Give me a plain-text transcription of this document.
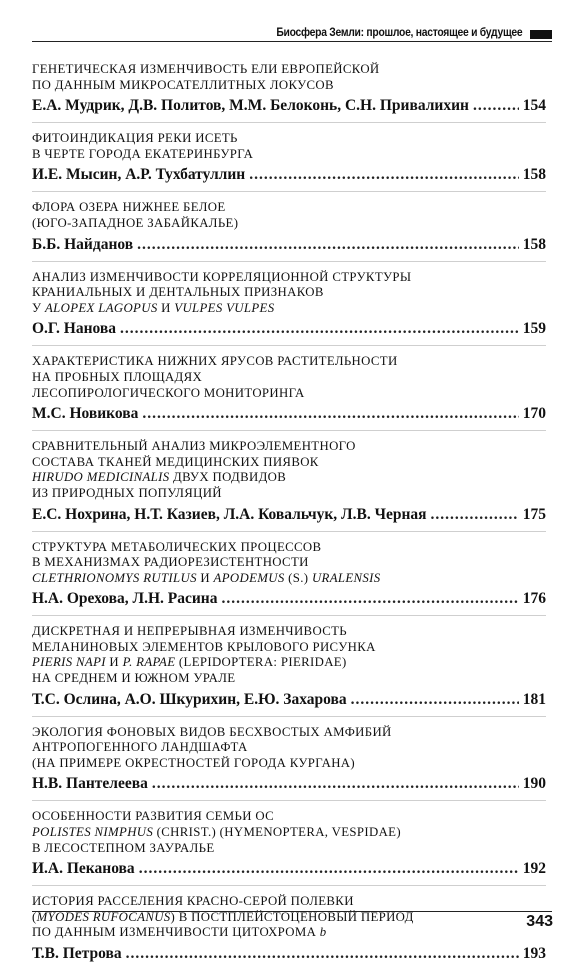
Биосфера Земли: прошлое, настоящее и будущее
ГЕНЕТИЧЕСКАЯ ИЗМЕНЧИВОСТЬ ЕЛИ ЕВРОПЕЙСКОЙ
ПО ДАННЫМ МИКРОСАТЕЛЛИТНЫХ ЛОКУСОВ
Е.А. Мудрик, Д.В. Политов, М.М. Белоконь, С.Н. Привалихин .....	154
ФИТОИНДИКАЦИЯ РЕКИ ИСЕТЬ
В ЧЕРТЕ ГОРОДА ЕКАТЕРИНБУРГА
И.Е. Мысин, А.Р. Тухбатуллин .....	158
ФЛОРА ОЗЕРА НИЖНЕЕ БЕЛОЕ
(ЮГО-ЗАПАДНОЕ ЗАБАЙКАЛЬЕ)
Б.Б. Найданов .....	158
АНАЛИЗ ИЗМЕНЧИВОСТИ КОРРЕЛЯЦИОННОЙ СТРУКТУРЫ
КРАНИАЛЬНЫХ И ДЕНТАЛЬНЫХ ПРИЗНАКОВ
У ALOPEX LAGOPUS И VULPES VULPES
О.Г. Нанова .....	159
ХАРАКТЕРИСТИКА НИЖНИХ ЯРУСОВ РАСТИТЕЛЬНОСТИ
НА ПРОБНЫХ ПЛОЩАДЯХ
ЛЕСОПИРОЛОГИЧЕСКОГО МОНИТОРИНГА
М.С. Новикова .....	170
СРАВНИТЕЛЬНЫЙ АНАЛИЗ МИКРОЭЛЕМЕНТНОГО
СОСТАВА ТКАНЕЙ МЕДИЦИНСКИХ ПИЯВОК
HIRUDO MEDICINALIS ДВУХ ПОДВИДОВ
ИЗ ПРИРОДНЫХ ПОПУЛЯЦИЙ
Е.С. Нохрина, Н.Т. Казиев, Л.А. Ковальчук, Л.В. Черная .....	175
СТРУКТУРА МЕТАБОЛИЧЕСКИХ ПРОЦЕССОВ
В МЕХАНИЗМАХ РАДИОРЕЗИСТЕНТНОСТИ
CLETHRIONOMYS RUTILUS И APODEMUS (S.) URALENSIS
Н.А. Орехова, Л.Н. Расина .....	176
ДИСКРЕТНАЯ И НЕПРЕРЫВНАЯ ИЗМЕНЧИВОСТЬ
МЕЛАНИНОВЫХ ЭЛЕМЕНТОВ КРЫЛОВОГО РИСУНКА
PIERIS NAPI И P. RAPAE (LEPIDOPTERA: PIERIDAE)
НА СРЕДНЕМ И ЮЖНОМ УРАЛЕ
Т.С. Ослина, А.О. Шкурихин, Е.Ю. Захарова .....	181
ЭКОЛОГИЯ ФОНОВЫХ ВИДОВ БЕСХВОСТЫХ АМФИБИЙ
АНТРОПОГЕННОГО ЛАНДШАФТА
(НА ПРИМЕРЕ ОКРЕСТНОСТЕЙ ГОРОДА КУРГАНА)
Н.В. Пантелеева .....	190
ОСОБЕННОСТИ РАЗВИТИЯ СЕМЬИ ОС
POLISTES NIMPHUS (CHRIST.) (HYMENOPTERA, VESPIDAE)
В ЛЕСОСТЕПНОМ ЗАУРАЛЬЕ
И.А. Пеканова .....	192
ИСТОРИЯ РАССЕЛЕНИЯ КРАСНО-СЕРОЙ ПОЛЕВКИ
(MYODES RUFOCANUS) В ПОСТПЛЕЙСТОЦЕНОВЫЙ ПЕРИОД
ПО ДАННЫМ ИЗМЕНЧИВОСТИ ЦИТОХРОМА b
Т.В. Петрова .....	193
343
